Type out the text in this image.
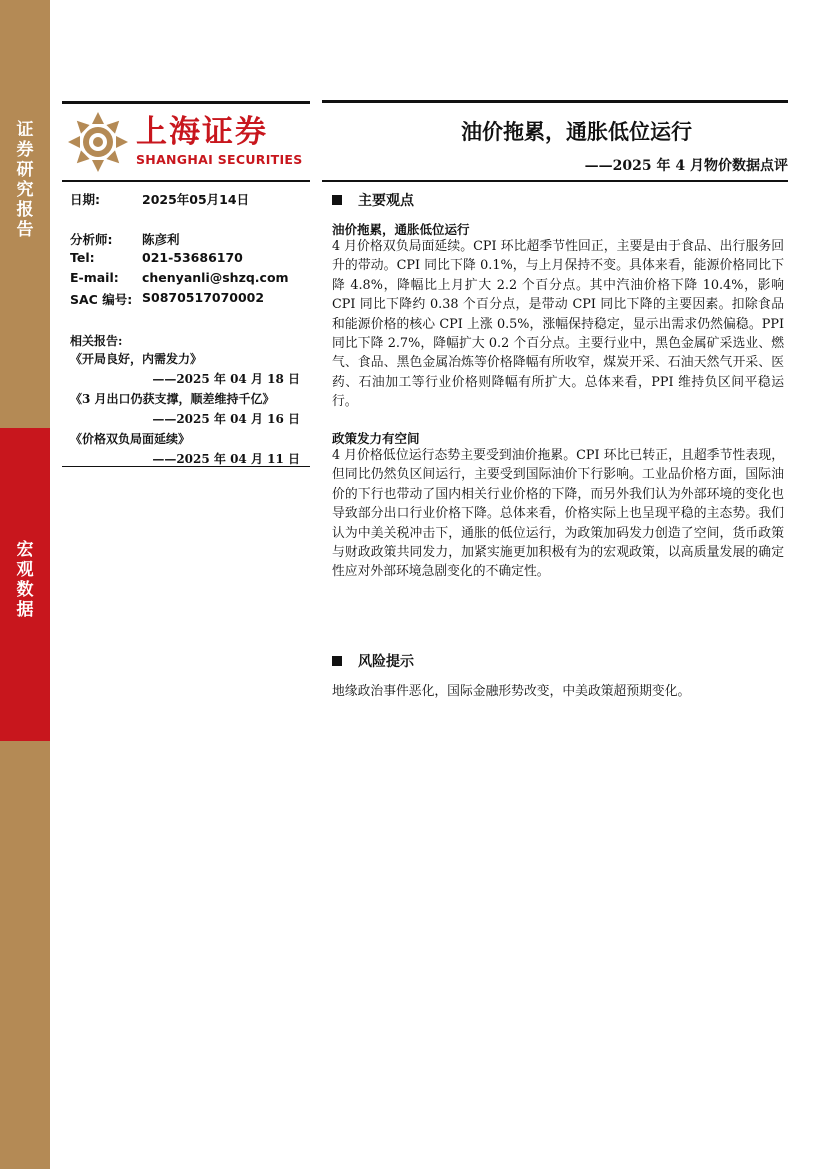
证
券
研
究
报
告
宏
观
数
据
上海证券
SHANGHAI SECURITIES
油价拖累，通胀低位运行
——2025 年 4 月物价数据点评
日期:	2025年05月14日
分析师: 陈彦利
Tel:	021-53686170
E-mail: chenyanli@shzq.com
SAC 编号: S0870517070002
相关报告:
《开局良好，内需发力》
——2025 年 04 月 18 日
《3 月出口仍获支撑，顺差维持千亿》
——2025 年 04 月 16 日
《价格双负局面延续》
——2025 年 04 月 11 日
主要观点
油价拖累，通胀低位运行
4 月价格双负局面延续。CPI 环比超季节性回正，主要是由于食品、出行服务回升的带动。CPI 同比下降 0.1%，与上月保持不变。具体来看，能源价格同比下降 4.8%，降幅比上月扩大 2.2 个百分点。其中汽油价格下降 10.4%，影响 CPI 同比下降约 0.38 个百分点，是带动 CPI 同比下降的主要因素。扣除食品和能源价格的核心 CPI 上涨 0.5%，涨幅保持稳定，显示出需求仍然偏稳。PPI 同比下降 2.7%，降幅扩大 0.2 个百分点。主要行业中，黑色金属矿采选业、燃气、食品、黑色金属冶炼等价格降幅有所收窄，煤炭开采、石油天然气开采、医药、石油加工等行业价格则降幅有所扩大。总体来看，PPI 维持负区间平稳运行。
政策发力有空间
4 月价格低位运行态势主要受到油价拖累。CPI 环比已转正，且超季节性表现，但同比仍然负区间运行，主要受到国际油价下行影响。工业品价格方面，国际油价的下行也带动了国内相关行业价格的下降，而另外我们认为外部环境的变化也导致部分出口行业价格下降。总体来看，价格实际上也呈现平稳的主态势。我们认为中美关税冲击下，通胀的低位运行，为政策加码发力创造了空间，货币政策与财政政策共同发力，加紧实施更加积极有为的宏观政策，以高质量发展的确定性应对外部环境急剧变化的不确定性。
风险提示
地缘政治事件恶化，国际金融形势改变，中美政策超预期变化。
